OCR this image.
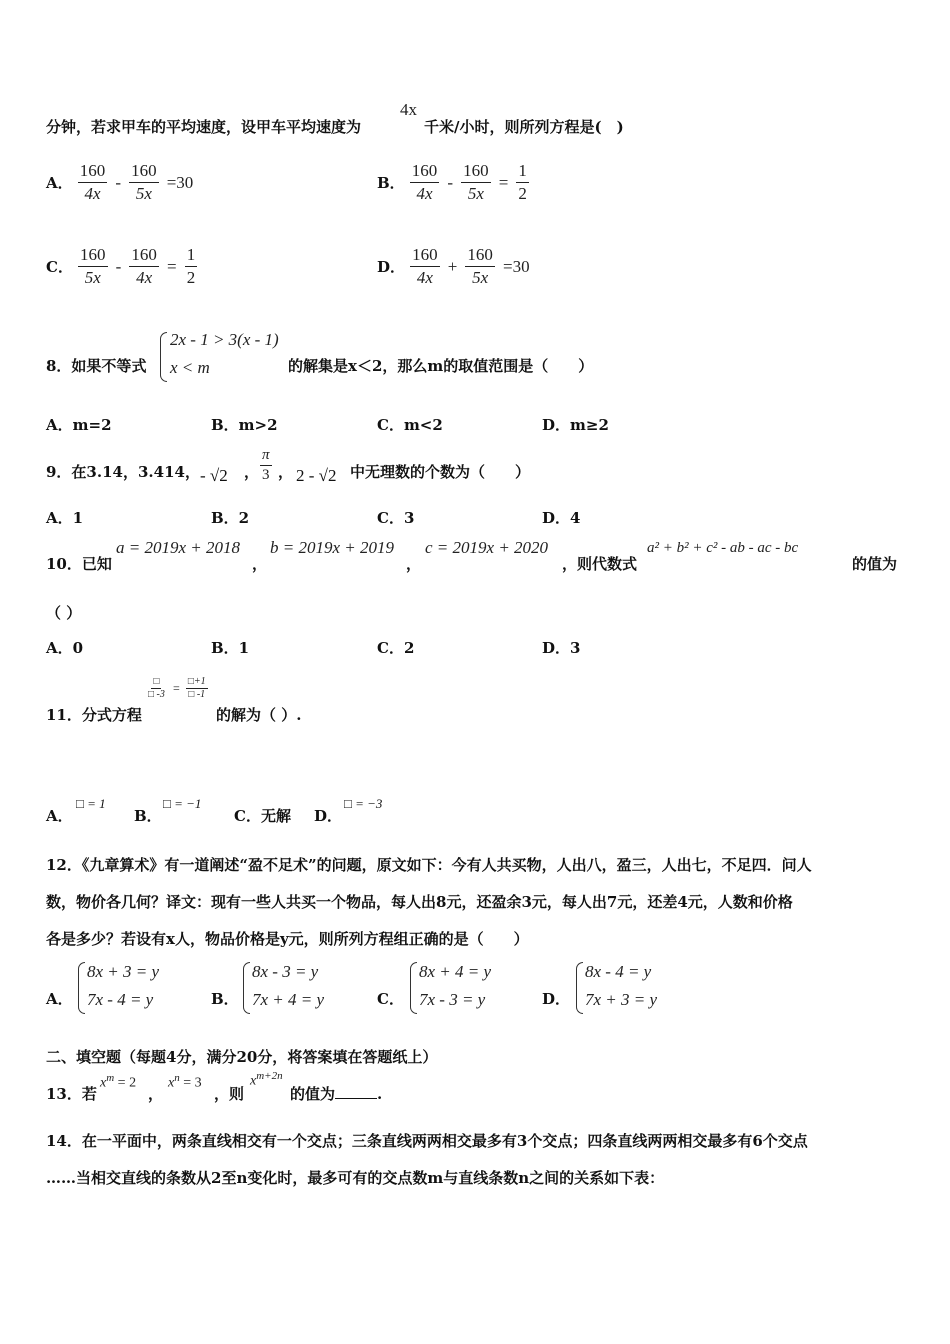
分钟，若求甲车的平均速度，设甲车平均速度为
4x
千米/小时，则所列方程是(　)
A． $\frac{160}{4x} - \frac{160}{5x} =30$	B． $\frac{160}{4x} - \frac{160}{5x} = \frac{1}{2}$
C． $\frac{160}{5x} - \frac{160}{4x} = \frac{1}{2}$	D． $\frac{160}{4x} + \frac{160}{5x} =30$
8．如果不等式
2x - 1 > 3(x - 1)
x < m	的解集是x＜2，那么m的取值范围是（　　）
A．m=2	B．m>2	C．m<2	D．m≥2
9．在3.14，3.414， - √2 ， $\frac{\pi}{3}$ ， 2 - √2 中无理数的个数为（　　）
A．1	B．2	C．3	D．4
10．已知
a = 2019x + 2018
，
b = 2019x + 2019
，
c = 2019x + 2020
，则代数式
a² + b² + c² - ab - ac - bc
的值为
（ ）
A．0	B．1	C．2	D．3
11．分式方程
$\frac{□}{□ -3} = \frac{□+1}{□ -1}$
的解为（ ）.
A．
□ = 1
B．
□ = −1
C．无解 D．
□ = −3
12．《九章算术》有一道阐述“盈不足术”的问题，原文如下：今有人共买物，人出八，盈三，人出七，不足四．问人
数，物价各几何？译文：现有一些人共买一个物品，每人出8元，还盈余3元，每人出7元，还差4元，人数和价格
各是多少？若设有x人，物品价格是y元，则所列方程组正确的是（　　）
A．
8x + 3 = y
7x - 4 = y	B．
8x - 3 = y
7x + 4 = y	C．
8x + 4 = y
7x - 3 = y	D．
8x - 4 = y
7x + 3 = y
二、填空题（每题4分，满分20分，将答案填在答题纸上）
13．若
$x^m = 2$
，
$x^n = 3$
，则
$x^{m+2n}$
的值为	.
14．在一平面中，两条直线相交有一个交点；三条直线两两相交最多有3个交点；四条直线两两相交最多有6个交点
……当相交直线的条数从2至n变化时，最多可有的交点数m与直线条数n之间的关系如下表：
